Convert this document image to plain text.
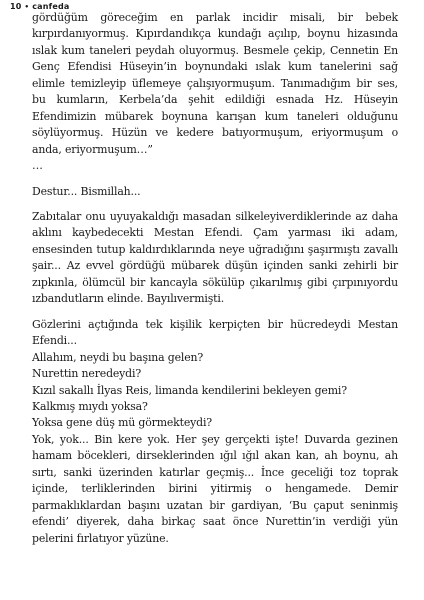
10 • canfeda

gördüğüm göreceğim en parlak incidir misali, bir bebek kırpırdanıyormuş. Kıpırdandıkça kundağı açılıp, boynu hizasında ıslak kum taneleri peydah oluyormuş. Besmele çekip, Cennetin En Genç Efendisi Hüseyin’in boynundaki ıslak kum tanelerini sağ elimle temizleyip üflemeye çalışıyormuşum. Tanımadığım bir ses, bu kumların, Kerbela’da şehit edildiği esnada Hz. Hüseyin Efendimizin mübarek boynuna karışan kum taneleri olduğunu söylüyormuş. Hüzün ve kedere batıyormuşum, eriyormuşum o anda, eriyormuşum…”

…

Destur... Bismillah...

Zabıtalar onu uyuyakaldığı masadan silkeleyiverdiklerinde az daha aklını kaybedecekti Mestan Efendi. Çam yarması iki adam, ensesinden tutup kaldırdıklarında neye uğradığını şaşırmıştı zavallı şair... Az evvel gördüğü mübarek düşün içinden sanki zehirli bir zıpkınla, ölümcül bir kancayla sökülüp çıkarılmış gibi çırpınıyordu ızbandutların elinde. Bayılıvermişti.

Gözlerini açtığında tek kişilik kerpiçten bir hücredeydi Mestan Efendi...

Allahım, neydi bu başına gelen?

Nurettin neredeydi?

Kızıl sakallı İlyas Reis, limanda kendilerini bekleyen gemi?

Kalkmış mıydı yoksa?

Yoksa gene düş mü görmekteydi?

Yok, yok... Bin kere yok. Her şey gerçekti işte! Duvarda gezinen hamam böcekleri, dirseklerinden ığıl ığıl akan kan, ah boynu, ah sırtı, sanki üzerinden katırlar geçmiş... İnce geceliği toz toprak içinde, terliklerinden birini yitirmiş o hengamede. Demir parmaklıklardan başını uzatan bir gardiyan, ‘Bu çaput seninmiş efendi’ diyerek, daha birkaç saat önce Nurettin’in verdiği yün pelerini fırlatıyor yüzüne.
